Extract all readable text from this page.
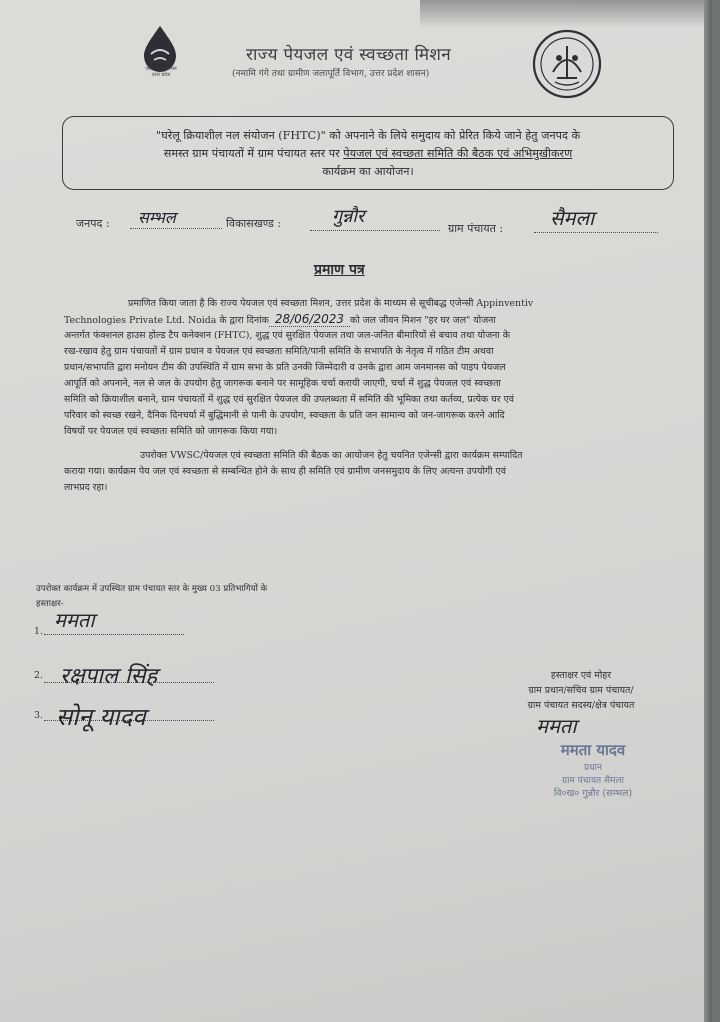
हर घर जल
जल जीवन मिशन
उत्तर प्रदेश
राज्य पेयजल एवं स्वच्छता मिशन
(नमामि गंगे तथा ग्रामीण जलापूर्ति विभाग, उत्तर प्रदेश शासन)
"घरेलू क्रियाशील नल संयोजन (FHTC)" को अपनाने के लिये समुदाय को प्रेरित किये जाने हेतु जनपद के
समस्त ग्राम पंचायतों में ग्राम पंचायत स्तर पर पेयजल एवं स्वच्छता समिति की बैठक एवं अभिमुखीकरण
कार्यक्रम का आयोजन।
जनपद : सम्भल	विकासखण्ड :	गुन्नौर
ग्राम पंचायत : सैमला
प्रमाण पत्र
प्रमाणित किया जाता है कि राज्य पेयजल एवं स्वच्छता मिशन, उत्तर प्रदेश के माध्यम से सूचीबद्ध एजेन्सी Appinventiv
Technologies Private Ltd. Noida के द्वारा दिनांक 28/06/2023 को जल जीवन मिशन "हर घर जल" योजना
अन्तर्गत फंक्शनल हाउस होल्ड टैप कनेक्शन (FHTC), शुद्ध एवं सुरक्षित पेयजल तथा जल-जनित बीमारियों से बचाव तथा योजना के
रख-रखाव हेतु ग्राम पंचायतों में ग्राम प्रधान व पेयजल एवं स्वच्छता समिति/पानी समिति के सभापति के नेतृत्व में गठित टीम अथवा
प्रधान/सभापति द्वारा मनोयन टीम की उपस्थिति में ग्राम सभा के प्रति उनकी जिम्मेदारी व उनके द्वारा आम जनमानस को पाइप पेयजल
आपूर्ति को अपनाने, नल से जल के उपयोग हेतु जागरूक बनाने पर सामूहिक चर्चा करायी जाएगी, चर्चा में शुद्ध पेयजल एवं स्वच्छता
समिति को क्रियाशील बनाने, ग्राम पंचायतों में शुद्ध एवं सुरक्षित पेयजल की उपलब्धता में समिति की भूमिका तथा कर्तव्य, प्रत्येक घर एवं
परिवार को स्वच्छ रखने, दैनिक दिनचर्या में बुद्धिमानी से पानी के उपयोग, स्वच्छता के प्रति जन सामान्य को जन-जागरूक करने आदि
विषयों पर पेयजल एवं स्वच्छता समिति को जागरूक किया गया।
उपरोक्त VWSC/पेयजल एवं स्वच्छता समिति की बैठक का आयोजन हेतु चयनित एजेन्सी द्वारा कार्यक्रम सम्पादित
कराया गया। कार्यक्रम पेय जल एवं स्वच्छता से सम्बन्धित होने के साथ ही समिति एवं ग्रामीण जनसमुदाय के लिए अत्यन्त उपयोगी एवं
लाभप्रद रहा।
उपरोक्त कार्यक्रम में उपस्थित ग्राम पंचायत स्तर के मुख्य 03 प्रतिभागियों के
हस्ताक्षर-
1. ममता
2. रक्षपाल सिंह
3. सोनू यादव
हस्ताक्षर एवं मोहर
ग्राम प्रधान/सचिव ग्राम पंचायत/
ग्राम पंचायत सदस्य/क्षेत्र पंचायत
ममता
ममता यादव
प्रधान
ग्राम पंचायत सैमला
वि०ख० गुन्नौर (सम्भल)
